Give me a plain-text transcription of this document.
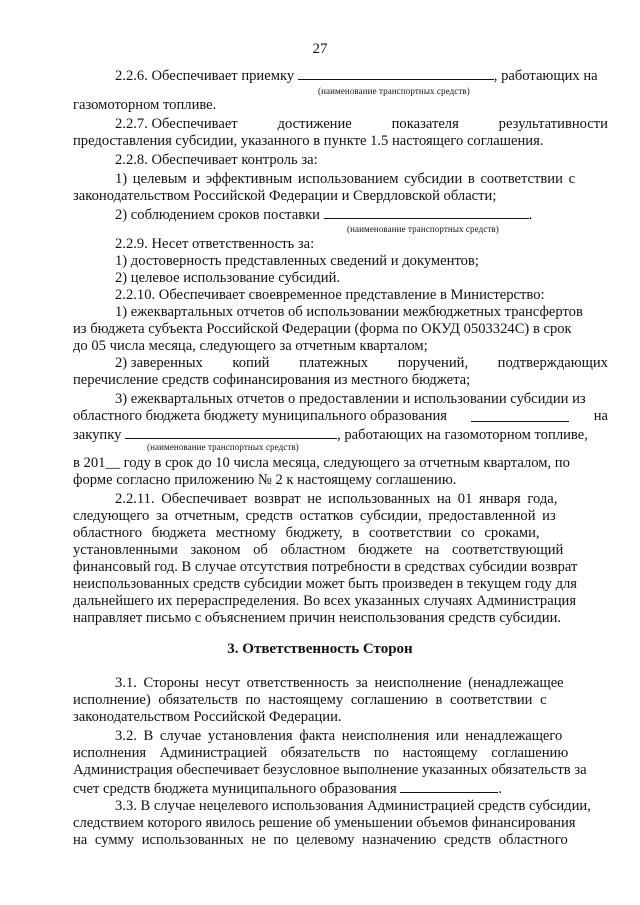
27
2.2.6. Обеспечивает приемку	, работающих на
(наименование транспортных средств)
газомоторном топливе.
2.2.7. Обеспечивает	достижение	показателя	результативности
предоставления субсидии, указанного в пункте 1.5 настоящего соглашения.
2.2.8. Обеспечивает контроль за:
1) целевым и эффективным использованием субсидии в соответствии с
законодательством Российской Федерации и Свердловской области;
2) соблюдением сроков поставки	.
(наименование транспортных средств)
2.2.9. Несет ответственность за:
1) достоверность представленных сведений и документов;
2) целевое использование субсидий.
2.2.10. Обеспечивает своевременное представление в Министерство:
1) ежеквартальных отчетов об использовании межбюджетных трансфертов
из бюджета субъекта Российской Федерации (форма по ОКУД 0503324С) в срок
до 05 числа месяца, следующего за отчетным кварталом;
2) заверенных копий платежных поручений, подтверждающих
перечисление средств софинансирования из местного бюджета;
3) ежеквартальных отчетов о предоставлении и использовании субсидии из
областного бюджета бюджету муниципального образования	на
закупку	, работающих на газомоторном топливе,
(наименование транспортных средств)
в 201__ году в срок до 10 числа месяца, следующего за отчетным кварталом, по
форме согласно приложению № 2 к настоящему соглашению.
2.2.11. Обеспечивает возврат не использованных на 01 января года,
следующего за отчетным, средств остатков субсидии, предоставленной из
областного бюджета местному бюджету, в соответствии со сроками,
установленными законом об областном бюджете на соответствующий
финансовый год. В случае отсутствия потребности в средствах субсидии возврат
неиспользованных средств субсидии может быть произведен в текущем году для
дальнейшего их перераспределения. Во всех указанных случаях Администрация
направляет письмо с объяснением причин неиспользования средств субсидии.
3. Ответственность Сторон
3.1. Стороны несут ответственность за неисполнение (ненадлежащее
исполнение) обязательств по настоящему соглашению в соответствии с
законодательством Российской Федерации.
3.2. В случае установления факта неисполнения или ненадлежащего
исполнения Администрацией обязательств по настоящему соглашению
Администрация обеспечивает безусловное выполнение указанных обязательств за
счет средств бюджета муниципального образования	.
3.3. В случае нецелевого использования Администрацией средств субсидии,
следствием которого явилось решение об уменьшении объемов финансирования
на сумму использованных не по целевому назначению средств областного
